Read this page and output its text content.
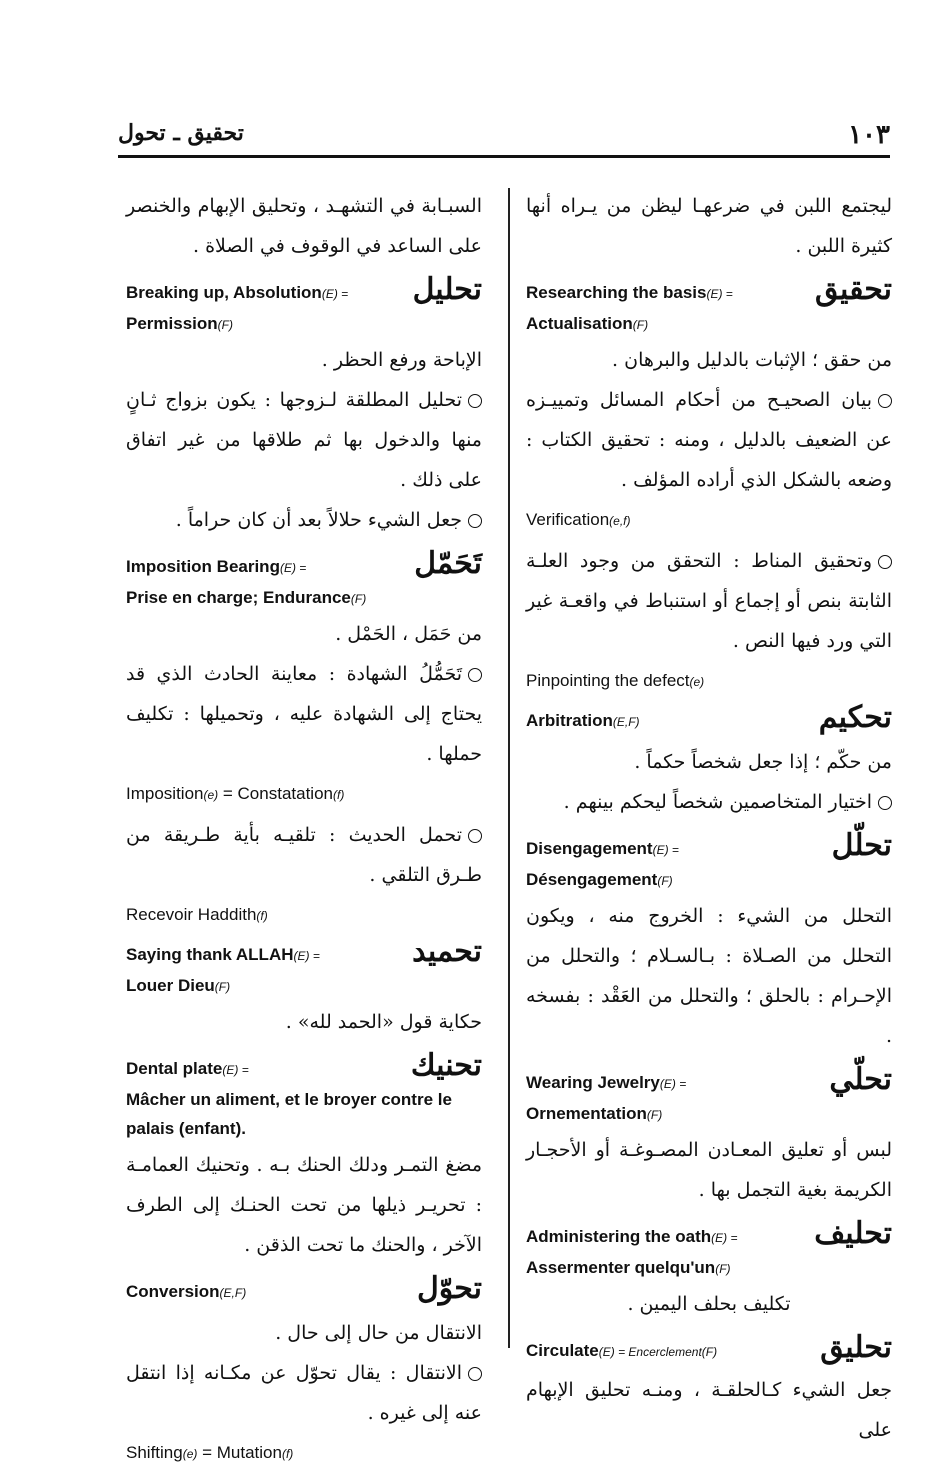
١٠٣
تحقيق ـ تحول

ليجتمع اللبن في ضرعهـا ليظن من يـراه أنها كثيرة اللبن .

تحقيق
Researching the basis(E) =
Actualisation(F)

من حقق ؛ الإثبات بالدليل والبرهان .

بيان الصحيـح من أحكام المسائل وتمييـزه عن الضعيف بالدليل ، ومنه : تحقيق الكتاب : وضعه بالشكل الذي أراده المؤلف .

Verification(e,f)

وتحقيق المناط : التحقق من وجود العلـة الثابتة بنص أو إجماع أو استنباط في واقعـة غير التي ورد فيها النص .

Pinpointing the defect(e)
تحكيم
Arbitration(E,F)

من حكّم ؛ إذا جعل شخصاً حكماً .

اختيار المتخاصمين شخصاً ليحكم بينهم .

تحلّل
Disengagement(E) =
Désengagement(F)

التحلل من الشيء : الخروج منه ، ويكون التحلل من الصـلاة : بـالسـلام ؛ والتحلل من الإحـرام : بالحلق ؛ والتحلل من العَقْد : بفسخه .

تحلّي
Wearing Jewelry(E) =
Ornementation(F)

لبس أو تعليق المعـادن المصـوغـة أو الأحجـار الكريمة بغية التجمل بها .

تحليف
Administering the oath(E) =
Assermenter quelqu'un(F)

تكليف بحلف اليمين .

تحليق
Circulate(E) = Encerclement(F)

جعل الشيء كـالحلقـة ، ومنـه تحليق الإبهام على

السبـابة في التشهـد ، وتحليق الإبهام والخنصر على الساعد في الوقوف في الصلاة .

تحليل
Breaking up, Absolution(E) =
Permission(F)

الإباحة ورفع الحظر .

تحليل المطلقة لـزوجها : يكون بزواج ثـانٍ منها والدخول بها ثم طلاقها من غير اتفاق على ذلك .

جعل الشيء حلالاً بعد أن كان حراماً .

تَحَمّل
Imposition Bearing(E) =
Prise en charge; Endurance(F)

من حَمَل ، الحَمْل .

تَحَمُّلُ الشهادة : معاينة الحادث الذي قد يحتاج إلى الشهادة عليه ، وتحميلها : تكليف حملها .

Imposition(e) = Constatation(f)

تحمل الحديث : تلقيـه بأية طـريقة من طـرق التلقي .

Recevoir Haddith(f)
تحميد
Saying thank ALLAH(E) =
Louer Dieu(F)

حكاية قول «الحمد لله» .

تحنيك
Dental plate(E) =
Mâcher un aliment, et le broyer contre le palais (enfant).

مضغ التمـر ودلك الحنك بـه . وتحنيك العمامـة : تحريـر ذيلها من تحت الحنـك إلى الطرف الآخر ، والحنك ما تحت الذقن .

تحوّل
Conversion(E,F)

الانتقال من حال إلى حال .

الانتقال : يقال تحوّل عن مكـانه إذا انتقل عنه إلى غيره .

Shifting(e) = Mutation(f)
